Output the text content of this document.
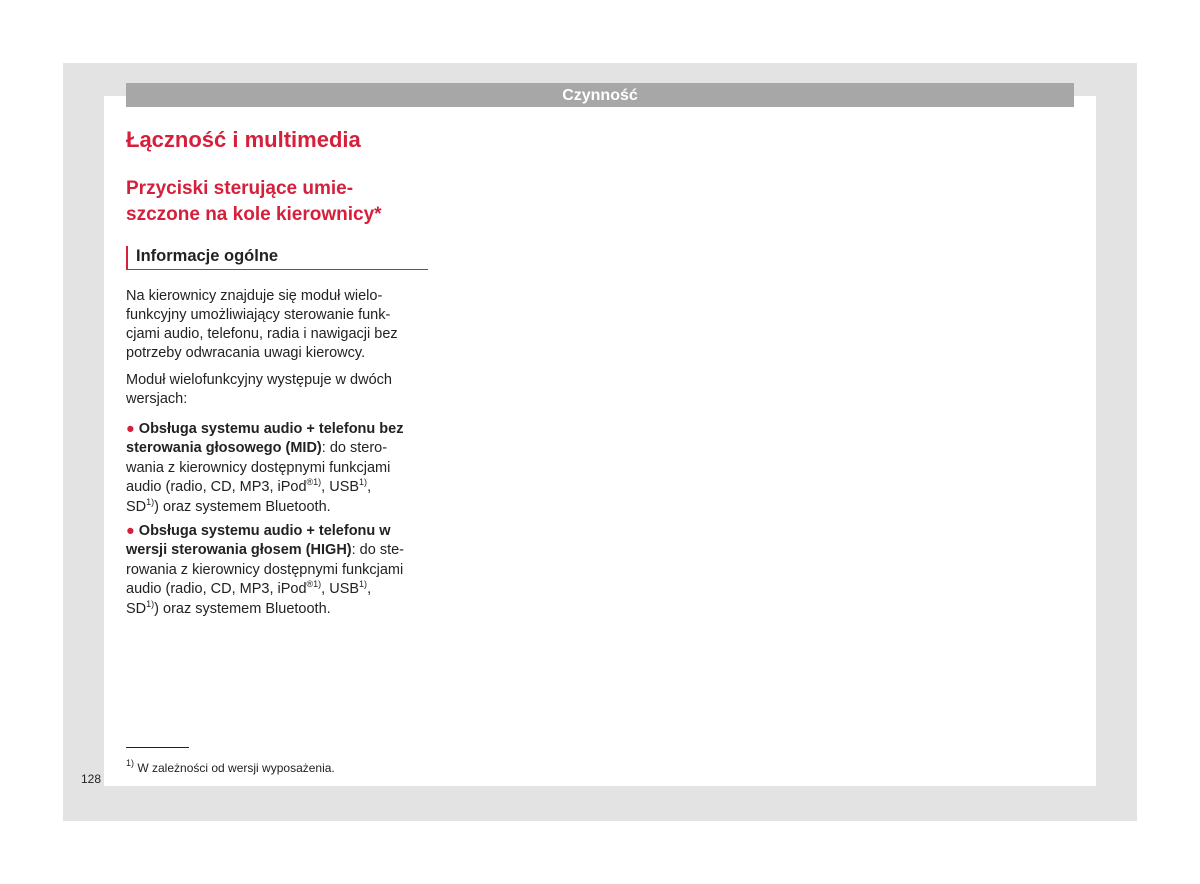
Czynność
Łączność i multimedia
Przyciski sterujące umie-
szczone na kole kierownicy*
Informacje ogólne
Na kierownicy znajduje się moduł wielo-
funkcyjny umożliwiający sterowanie funk-
cjami audio, telefonu, radia i nawigacji bez
potrzeby odwracania uwagi kierowcy.
Moduł wielofunkcyjny występuje w dwóch
wersjach:
● Obsługa systemu audio + telefonu bez
sterowania głosowego (MID): do stero-
wania z kierownicy dostępnymi funkcjami
audio (radio, CD, MP3, iPod$^{®1)}$, USB$^{1)}$,
SD$^{1)}$) oraz systemem Bluetooth.
● Obsługa systemu audio + telefonu w
wersji sterowania głosem (HIGH): do ste-
rowania z kierownicy dostępnymi funkcjami
audio (radio, CD, MP3, iPod$^{®1)}$, USB$^{1)}$,
SD$^{1)}$) oraz systemem Bluetooth.
$^{1)}$ W zależności od wersji wyposażenia.
128
